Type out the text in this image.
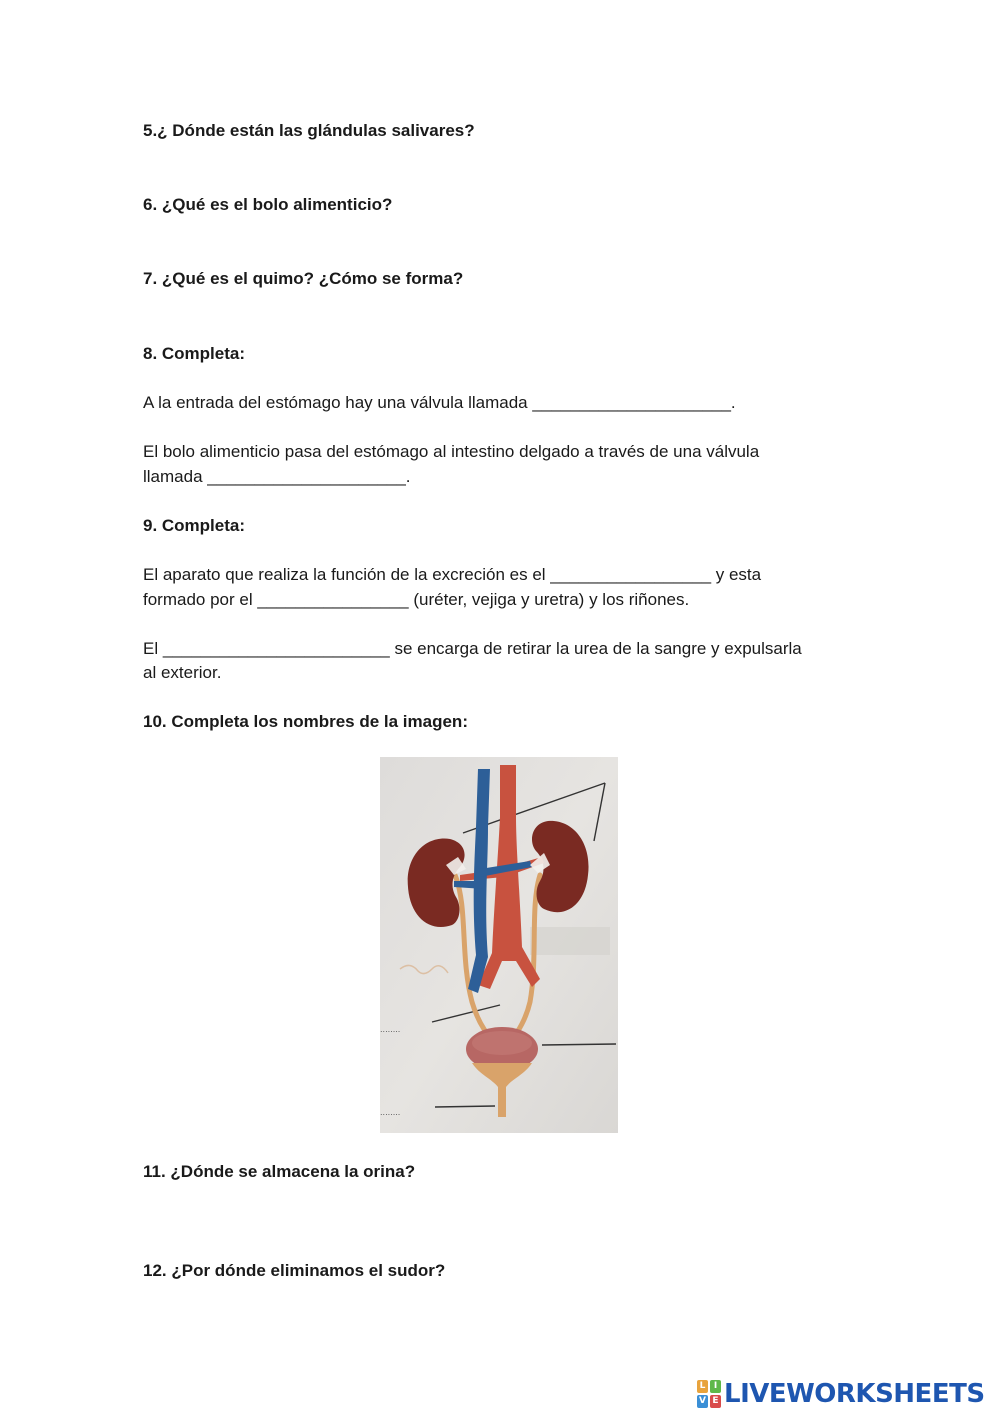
5.¿ Dónde están las glándulas salivares?
6. ¿Qué es el bolo alimenticio?
7. ¿Qué es el quimo? ¿Cómo se forma?
8. Completa:
A la entrada del estómago hay una válvula llamada _____________________.
El bolo alimenticio pasa del estómago al intestino delgado a través de una válvula
llamada _____________________.
9. Completa:
El aparato que realiza la función de la excreción es el _________________ y esta
formado por el ________________ (uréter, vejiga y uretra) y los riñones.
El ________________________ se encarga de retirar la urea de la sangre y expulsarla
al exterior.
10. Completa los nombres de la imagen:
........
........
11. ¿Dónde se almacena la orina?
12. ¿Por dónde eliminamos el sudor?
L I
V E LIVEWORKSHEETS
